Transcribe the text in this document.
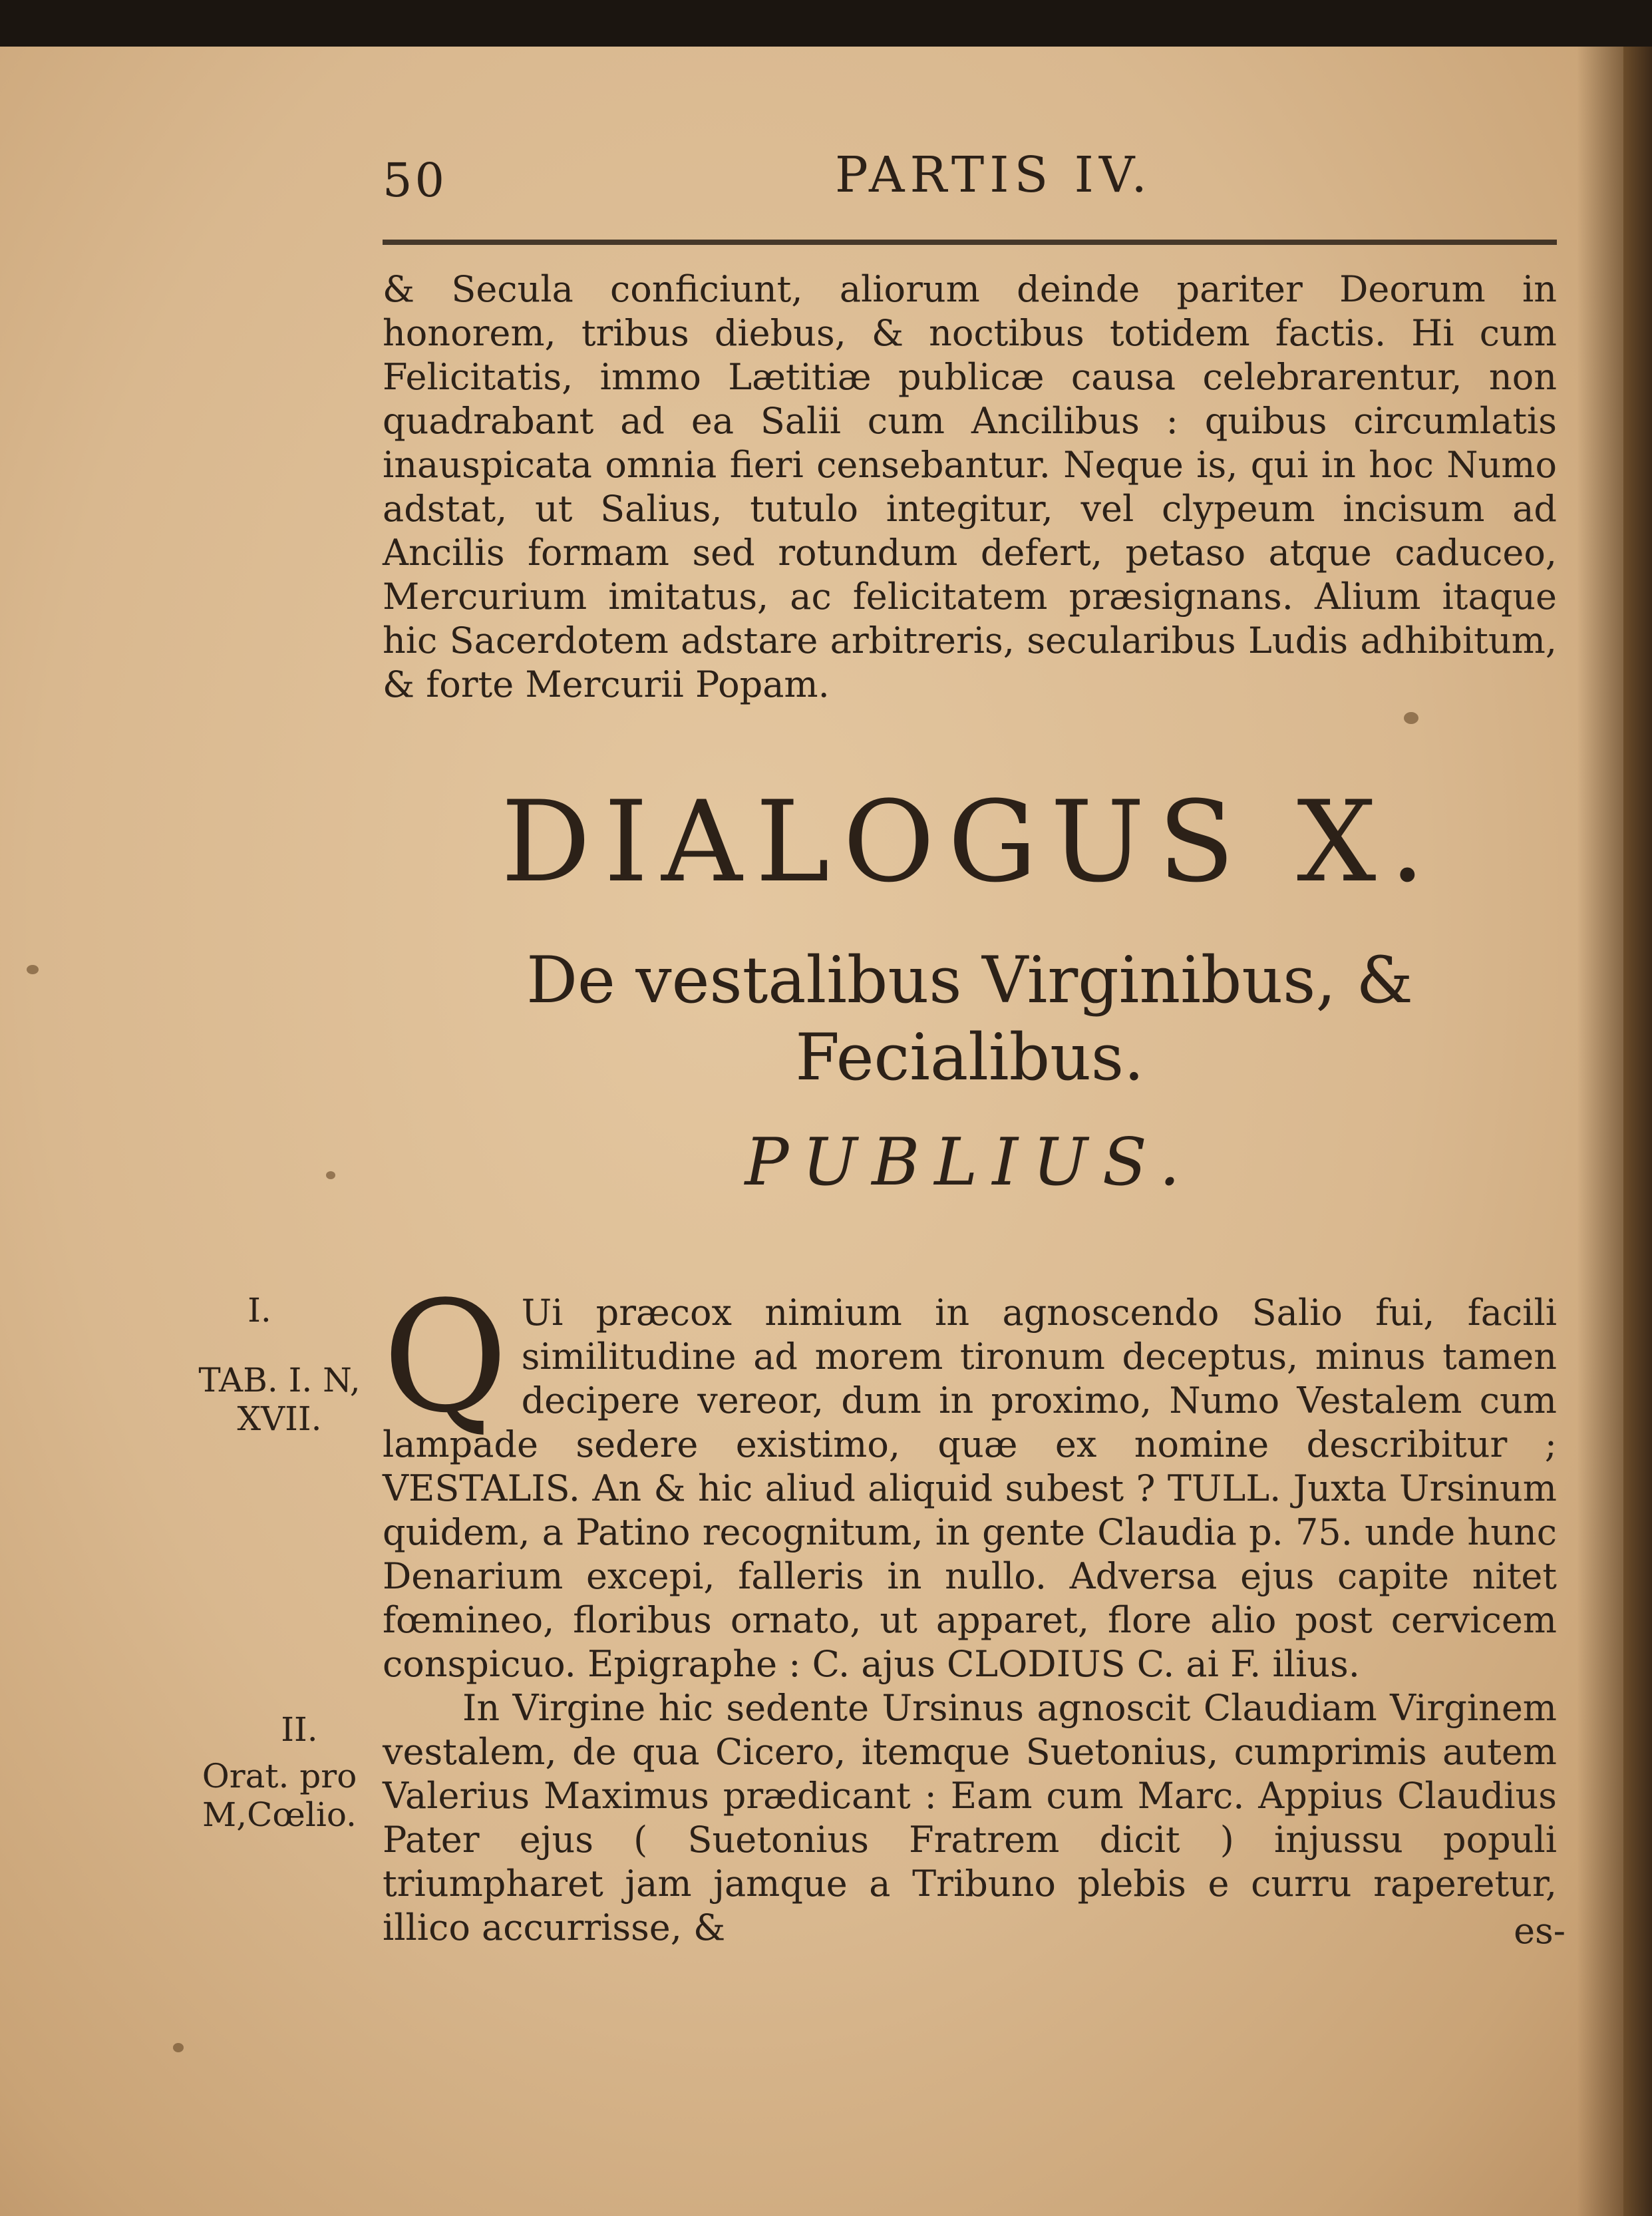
50	PARTIS IV.
& Secula conficiunt, aliorum deinde pariter Deorum in honorem, tribus diebus, & noctibus totidem factis. Hi cum Felicitatis, immo Lætitiæ publicæ causa celebrarentur, non quadrabant ad ea Salii cum Ancilibus : quibus circumlatis inauspicata omnia fieri censebantur. Neque is, qui in hoc Numo adstat, ut Salius, tutulo integitur, vel clypeum incisum ad Ancilis formam sed rotundum defert, petaso atque caduceo, Mercurium imitatus, ac felicitatem præsignans. Alium itaque hic Sacerdotem adstare arbitreris, secularibus Ludis adhibitum, & forte Mercurii Popam.
DIALOGUS X.
De vestalibus Virginibus, & Fecialibus.
PUBLIUS.
Q Ui præcox nimium in agnoscendo Salio fui, facili similitudine ad morem tironum deceptus, minus tamen decipere vereor, dum in proximo, Numo Vestalem cum lampade sedere existimo, quæ ex nomine describitur ; VESTALIS. An & hic aliud aliquid subest ? TULL. Juxta Ursinum quidem, a Patino recognitum, in gente Claudia p. 75. unde hunc Denarium excepi, falleris in nullo. Adversa ejus capite nitet fœmineo, floribus ornato, ut apparet, flore alio post cervicem conspicuo. Epigraphe : C. ajus CLODIUS C. ai F. ilius.
In Virgine hic sedente Ursinus agnoscit Claudiam Virginem vestalem, de qua Cicero, itemque Suetonius, cumprimis autem Valerius Maximus prædicant : Eam cum Marc. Appius Claudius Pater ejus ( Suetonius Fratrem dicit ) injussu populi triumpharet jam jamque a Tribuno plebis e curru raperetur, illico accurrisse, &
I.
TAB. I. N, XVII.
II.
Orat. pro M,Cœlio.
es-
